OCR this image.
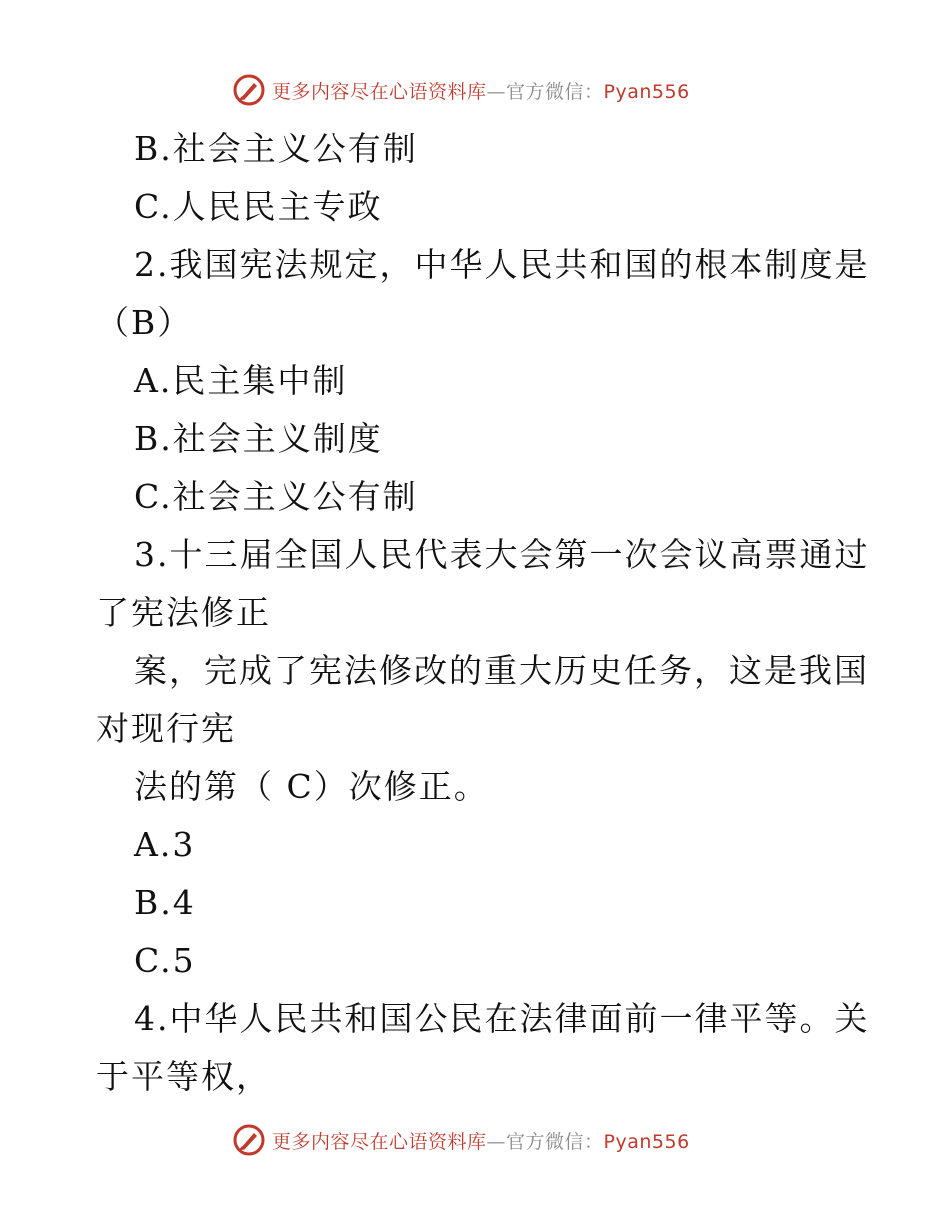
更多内容尽在心语资料库—官方微信：Pyan556
B.社会主义公有制
C.人民民主专政
2.我国宪法规定，中华人民共和国的根本制度是
（B）
A.民主集中制
B.社会主义制度
C.社会主义公有制
3.十三届全国人民代表大会第一次会议高票通过
了宪法修正
案，完成了宪法修改的重大历史任务，这是我国
对现行宪
法的第（ C）次修正。
A.3
B.4
C.5
4.中华人民共和国公民在法律面前一律平等。关
于平等权，
更多内容尽在心语资料库—官方微信：Pyan556
